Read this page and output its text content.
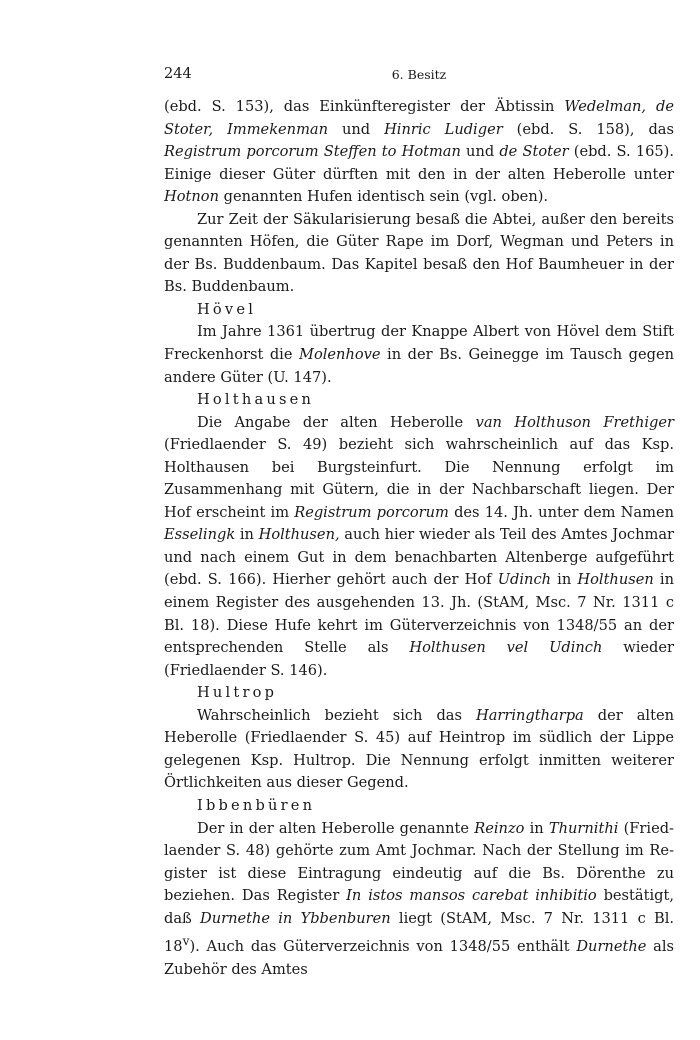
244	6. Besitz

(ebd. S. 153), das Einkünfteregister der Äbtissin Wedelman, de Stoter, Immekenman und Hinric Ludiger (ebd. S. 158), das Registrum porcorum Steffen to Hotman und de Stoter (ebd. S. 165). Einige dieser Güter dürften mit den in der alten Heberolle unter Hotnon genannten Hufen identisch sein (vgl. oben).

Zur Zeit der Säkularisierung besaß die Abtei, außer den bereits genannten Höfen, die Güter Rape im Dorf, Wegman und Peters in der Bs. Buddenbaum. Das Kapitel besaß den Hof Baumheuer in der Bs. Buddenbaum.

Hövel

Im Jahre 1361 übertrug der Knappe Albert von Hövel dem Stift Freckenhorst die Molenhove in der Bs. Geinegge im Tausch gegen andere Güter (U. 147).

Holthausen

Die Angabe der alten Heberolle van Holthuson Frethiger (Friedlaender S. 49) bezieht sich wahrscheinlich auf das Ksp. Holthausen bei Burgsteinfurt. Die Nennung erfolgt im Zusammenhang mit Gütern, die in der Nachbarschaft liegen. Der Hof erscheint im Registrum porcorum des 14. Jh. unter dem Namen Esselingk in Holthusen, auch hier wieder als Teil des Amtes Jochmar und nach einem Gut in dem benachbarten Altenberge aufgeführt (ebd. S. 166). Hierher gehört auch der Hof Udinch in Holthusen in einem Register des ausgehenden 13. Jh. (StAM, Msc. 7 Nr. 1311 c Bl. 18). Diese Hufe kehrt im Güterverzeichnis von 1348/55 an der entsprechenden Stelle als Holthusen vel Udinch wieder (Friedlaender S. 146).

Hultrop

Wahrscheinlich bezieht sich das Harringtharpa der alten Heberolle (Friedlaender S. 45) auf Heintrop im südlich der Lippe gelegenen Ksp. Hultrop. Die Nennung erfolgt inmitten weiterer Örtlichkeiten aus dieser Gegend.

Ibbenbüren

Der in der alten Heberolle genannte Reinzo in Thurnithi (Friedlaender S. 48) gehörte zum Amt Jochmar. Nach der Stellung im Register ist diese Eintragung eindeutig auf die Bs. Dörenthe zu beziehen. Das Register In istos mansos carebat inhibitio bestätigt, daß Durnethe in Ybbenburen liegt (StAM, Msc. 7 Nr. 1311 c Bl. 18$^v$). Auch das Güterverzeichnis von 1348/55 enthält Durnethe als Zubehör des Amtes
